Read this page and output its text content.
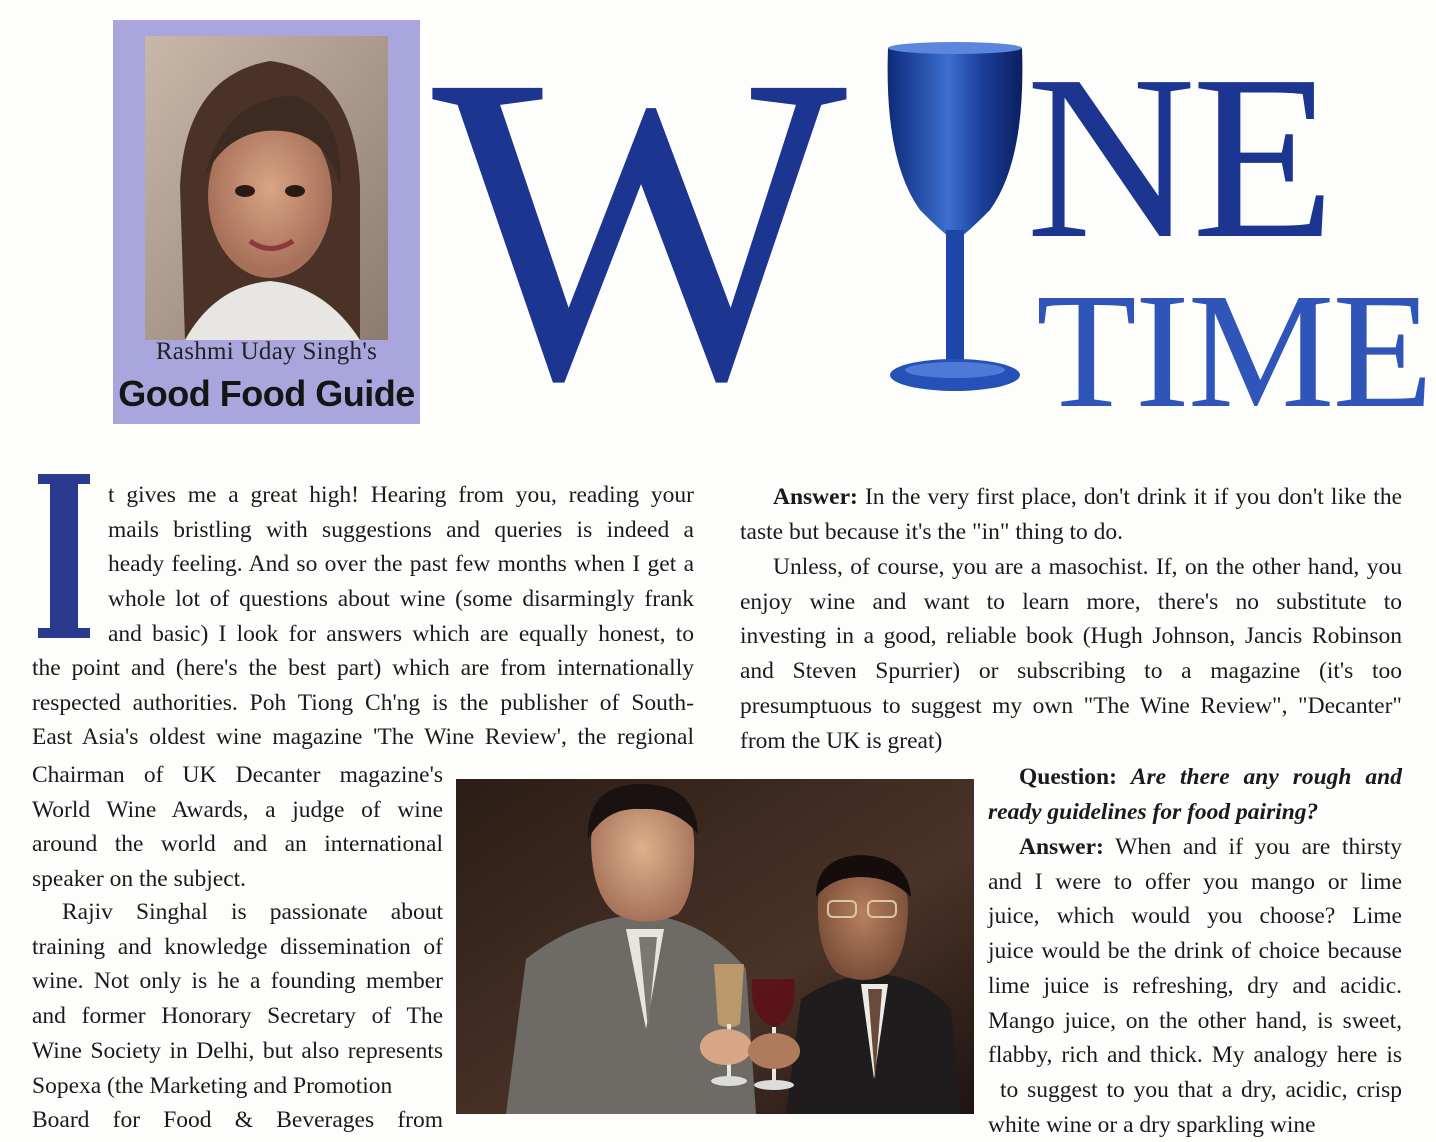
Rashmi Uday Singh's
Good Food Guide W NE
TIME

t gives me a great high! Hearing from you, reading your

mails bristling with suggestions and queries is indeed a

heady feeling. And so over the past few months when I get a

whole lot of questions about wine (some disarmingly frank

and basic) I look for answers which are equally honest, to

the point and (here's the best part) which are from internationally

respected authorities. Poh Tiong Ch'ng is the publisher of South-

East Asia's oldest wine magazine 'The Wine Review', the regional

Chairman of UK Decanter magazine's

World Wine Awards, a judge of wine

around the world and an international

speaker on the subject.

Rajiv Singhal is passionate about

training and knowledge dissemination of

wine. Not only is he a founding member

and former Honorary Secretary of The

Wine Society in Delhi, but also represents

Sopexa (the Marketing and Promotion

Board for Food & Beverages from

Answer: In the very first place, don't drink it if you don't like the

taste but because it's the "in" thing to do.

Unless, of course, you are a masochist. If, on the other hand, you

enjoy wine and want to learn more, there's no substitute to

investing in a good, reliable book (Hugh Johnson, Jancis Robinson

and Steven Spurrier) or subscribing to a magazine (it's too

presumptuous to suggest my own "The Wine Review", "Decanter"

from the UK is great)

Question: Are there any rough and

ready guidelines for food pairing?

Answer: When and if you are thirsty

and I were to offer you mango or lime

juice, which would you choose? Lime

juice would be the drink of choice because

lime juice is refreshing, dry and acidic.

Mango juice, on the other hand, is sweet,

flabby, rich and thick. My analogy here is

to suggest to you that a dry, acidic, crisp

white wine or a dry sparkling wine
